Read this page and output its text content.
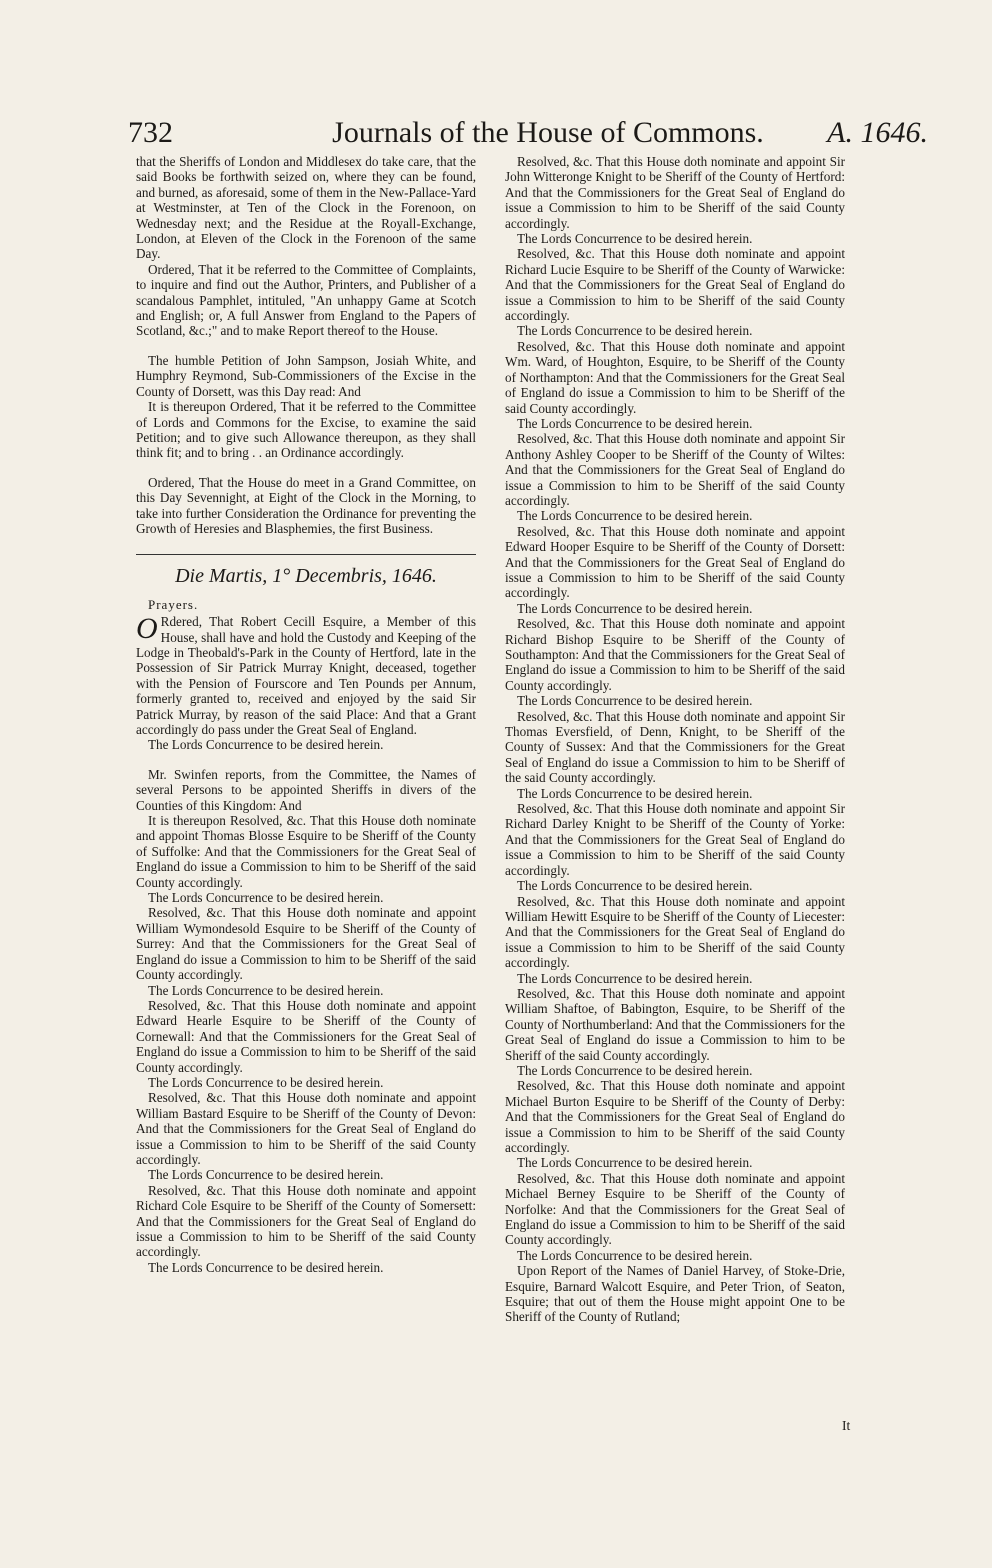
732	Journals of the House of Commons.	A. 1646.

that the Sheriffs of London and Middlesex do take care, that the said Books be forthwith seized on, where they can be found, and burned, as aforesaid, some of them in the New-Pallace-Yard at Westminster, at Ten of the Clock in the Forenoon, on Wednesday next; and the Residue at the Royall-Exchange, London, at Eleven of the Clock in the Forenoon of the same Day.

Ordered, That it be referred to the Committee of Complaints, to inquire and find out the Author, Printers, and Publisher of a scandalous Pamphlet, intituled, "An unhappy Game at Scotch and English; or, A full Answer from England to the Papers of Scotland, &c.;" and to make Report thereof to the House.

The humble Petition of John Sampson, Josiah White, and Humphry Reymond, Sub-Commissioners of the Excise in the County of Dorsett, was this Day read: And

It is thereupon Ordered, That it be referred to the Committee of Lords and Commons for the Excise, to examine the said Petition; and to give such Allowance thereupon, as they shall think fit; and to bring . . an Ordinance accordingly.

Ordered, That the House do meet in a Grand Committee, on this Day Sevennight, at Eight of the Clock in the Morning, to take into further Consideration the Ordinance for preventing the Growth of Heresies and Blasphemies, the first Business.

Die Martis, 1° Decembris, 1646.
Prayers.

O Rdered, That Robert Cecill Esquire, a Member of this House, shall have and hold the Custody and Keeping of the Lodge in Theobald's-Park in the County of Hertford, late in the Possession of Sir Patrick Murray Knight, deceased, together with the Pension of Fourscore and Ten Pounds per Annum, formerly granted to, received and enjoyed by the said Sir Patrick Murray, by reason of the said Place: And that a Grant accordingly do pass under the Great Seal of England.

The Lords Concurrence to be desired herein.

Mr. Swinfen reports, from the Committee, the Names of several Persons to be appointed Sheriffs in divers of the Counties of this Kingdom: And

It is thereupon Resolved, &c. That this House doth nominate and appoint Thomas Blosse Esquire to be Sheriff of the County of Suffolke: And that the Commissioners for the Great Seal of England do issue a Commission to him to be Sheriff of the said County accordingly.

The Lords Concurrence to be desired herein.

Resolved, &c. That this House doth nominate and appoint William Wymondesold Esquire to be Sheriff of the County of Surrey: And that the Commissioners for the Great Seal of England do issue a Commission to him to be Sheriff of the said County accordingly.

The Lords Concurrence to be desired herein.

Resolved, &c. That this House doth nominate and appoint Edward Hearle Esquire to be Sheriff of the County of Cornewall: And that the Commissioners for the Great Seal of England do issue a Commission to him to be Sheriff of the said County accordingly.

The Lords Concurrence to be desired herein.

Resolved, &c. That this House doth nominate and appoint William Bastard Esquire to be Sheriff of the County of Devon: And that the Commissioners for the Great Seal of England do issue a Commission to him to be Sheriff of the said County accordingly.

The Lords Concurrence to be desired herein.

Resolved, &c. That this House doth nominate and appoint Richard Cole Esquire to be Sheriff of the County of Somersett: And that the Commissioners for the Great Seal of England do issue a Commission to him to be Sheriff of the said County accordingly.

The Lords Concurrence to be desired herein.

Resolved, &c. That this House doth nominate and appoint Sir John Witteronge Knight to be Sheriff of the County of Hertford: And that the Commissioners for the Great Seal of England do issue a Commission to him to be Sheriff of the said County accordingly.

The Lords Concurrence to be desired herein.

Resolved, &c. That this House doth nominate and appoint Richard Lucie Esquire to be Sheriff of the County of Warwicke: And that the Commissioners for the Great Seal of England do issue a Commission to him to be Sheriff of the said County accordingly.

The Lords Concurrence to be desired herein.

Resolved, &c. That this House doth nominate and appoint Wm. Ward, of Houghton, Esquire, to be Sheriff of the County of Northampton: And that the Commissioners for the Great Seal of England do issue a Commission to him to be Sheriff of the said County accordingly.

The Lords Concurrence to be desired herein.

Resolved, &c. That this House doth nominate and appoint Sir Anthony Ashley Cooper to be Sheriff of the County of Wiltes: And that the Commissioners for the Great Seal of England do issue a Commission to him to be Sheriff of the said County accordingly.

The Lords Concurrence to be desired herein.

Resolved, &c. That this House doth nominate and appoint Edward Hooper Esquire to be Sheriff of the County of Dorsett: And that the Commissioners for the Great Seal of England do issue a Commission to him to be Sheriff of the said County accordingly.

The Lords Concurrence to be desired herein.

Resolved, &c. That this House doth nominate and appoint Richard Bishop Esquire to be Sheriff of the County of Southampton: And that the Commissioners for the Great Seal of England do issue a Commission to him to be Sheriff of the said County accordingly.

The Lords Concurrence to be desired herein.

Resolved, &c. That this House doth nominate and appoint Sir Thomas Eversfield, of Denn, Knight, to be Sheriff of the County of Sussex: And that the Commissioners for the Great Seal of England do issue a Commission to him to be Sheriff of the said County accordingly.

The Lords Concurrence to be desired herein.

Resolved, &c. That this House doth nominate and appoint Sir Richard Darley Knight to be Sheriff of the County of Yorke: And that the Commissioners for the Great Seal of England do issue a Commission to him to be Sheriff of the said County accordingly.

The Lords Concurrence to be desired herein.

Resolved, &c. That this House doth nominate and appoint William Hewitt Esquire to be Sheriff of the County of Liecester: And that the Commissioners for the Great Seal of England do issue a Commission to him to be Sheriff of the said County accordingly.

The Lords Concurrence to be desired herein.

Resolved, &c. That this House doth nominate and appoint William Shaftoe, of Babington, Esquire, to be Sheriff of the County of Northumberland: And that the Commissioners for the Great Seal of England do issue a Commission to him to be Sheriff of the said County accordingly.

The Lords Concurrence to be desired herein.

Resolved, &c. That this House doth nominate and appoint Michael Burton Esquire to be Sheriff of the County of Derby: And that the Commissioners for the Great Seal of England do issue a Commission to him to be Sheriff of the said County accordingly.

The Lords Concurrence to be desired herein.

Resolved, &c. That this House doth nominate and appoint Michael Berney Esquire to be Sheriff of the County of Norfolke: And that the Commissioners for the Great Seal of England do issue a Commission to him to be Sheriff of the said County accordingly.

The Lords Concurrence to be desired herein.

Upon Report of the Names of Daniel Harvey, of Stoke-Drie, Esquire, Barnard Walcott Esquire, and Peter Trion, of Seaton, Esquire; that out of them the House might appoint One to be Sheriff of the County of Rutland;

It
